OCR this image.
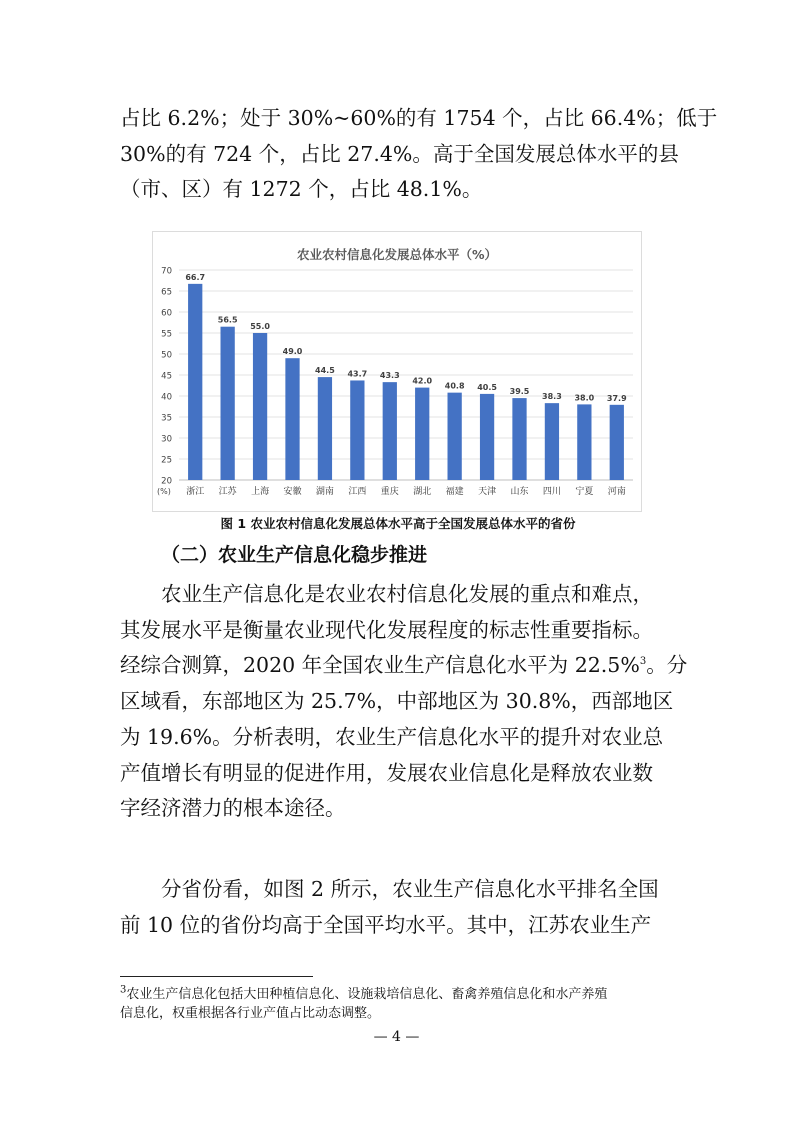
占比 6.2%；处于 30%~60%的有 1754 个，占比 66.4%；低于
30%的有 724 个，占比 27.4%。高于全国发展总体水平的县
（市、区）有 1272 个，占比 48.1%。

农业农村信息化发展总体水平（%）
70
65
60
55
50
45
40
35
30
25
20
(%)
66.7
浙江
56.5
江苏
55.0
上海
49.0
安徽
44.5
湖南
43.7
江西
43.3
重庆
42.0
湖北
40.8
福建
40.5
天津
39.5
山东
38.3
四川
38.0
宁夏
37.9
河南
图 1 农业农村信息化发展总体水平高于全国发展总体水平的省份
（二）农业生产信息化稳步推进

农业生产信息化是农业农村信息化发展的重点和难点，
其发展水平是衡量农业现代化发展程度的标志性重要指标。
经综合测算，2020 年全国农业生产信息化水平为 22.5%$^3$。分
区域看，东部地区为 25.7%，中部地区为 30.8%，西部地区
为 19.6%。分析表明，农业生产信息化水平的提升对农业总
产值增长有明显的促进作用，发展农业信息化是释放农业数
字经济潜力的根本途径。

分省份看，如图 2 所示，农业生产信息化水平排名全国
前 10 位的省份均高于全国平均水平。其中，江苏农业生产

$^3$农业生产信息化包括大田种植信息化、设施栽培信息化、畜禽养殖信息化和水产养殖
信息化，权重根据各行业产值占比动态调整。
— 4 —
